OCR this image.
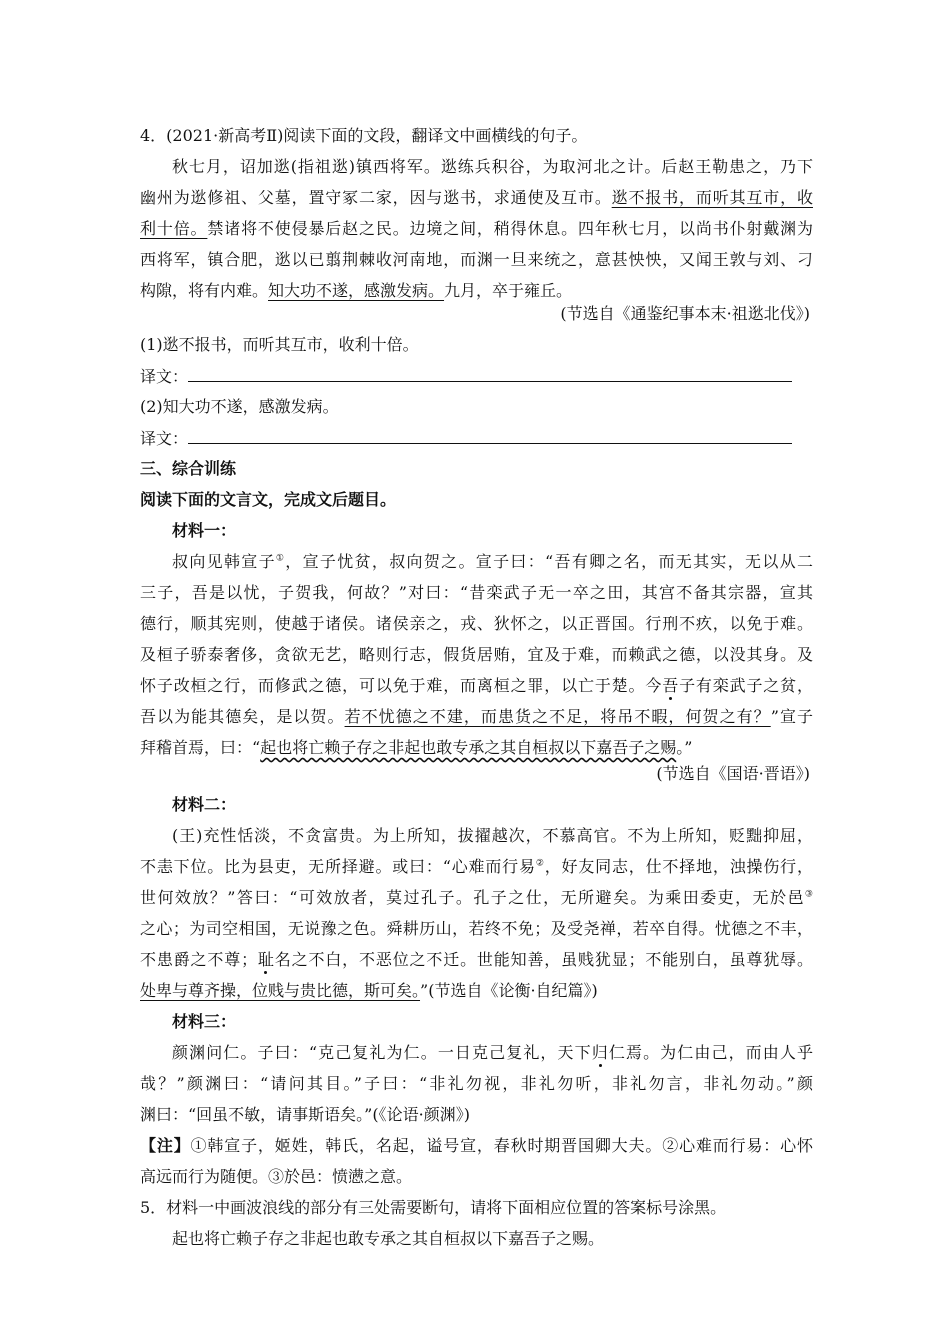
4．(2021·新高考Ⅱ)阅读下面的文段，翻译文中画横线的句子。
秋七月，诏加逖(指祖逖)镇西将军。逖练兵积谷，为取河北之计。后赵王勒患之，乃下
幽州为逖修祖、父墓，置守冢二家，因与逖书，求通使及互市。逖不报书，而听其互市，收
利十倍。禁诸将不使侵暴后赵之民。边境之间，稍得休息。四年秋七月，以尚书仆射戴渊为
西将军，镇合肥，逖以已翦荆棘收河南地，而渊一旦来统之，意甚怏怏，又闻王敦与刘、刁
构隙，将有内难。知大功不遂，感激发病。九月，卒于雍丘。
(节选自《通鉴纪事本末·祖逖北伐》)
(1)逖不报书，而听其互市，收利十倍。
译文：
(2)知大功不遂，感激发病。
译文：
三、综合训练
阅读下面的文言文，完成文后题目。
材料一：
叔向见韩宣子①，宣子忧贫，叔向贺之。宣子曰：“吾有卿之名，而无其实，无以从二
三子，吾是以忧，子贺我，何故？”对曰：“昔栾武子无一卒之田，其宫不备其宗器，宣其
德行，顺其宪则，使越于诸侯。诸侯亲之，戎、狄怀之，以正晋国。行刑不疚，以免于难。
及桓子骄泰奢侈，贪欲无艺，略则行志，假货居贿，宜及于难，而赖武之德，以没其身。及
怀子改桓之行，而修武之德，可以免于难，而离桓之罪，以亡于楚。今吾子有栾武子之贫，
吾以为能其德矣，是以贺。若不忧德之不建，而患货之不足，将吊不暇，何贺之有？”宣子
拜稽首焉，曰：“起也将亡赖子存之非起也敢专承之其自桓叔以下嘉吾子之赐。”
(节选自《国语·晋语》)
材料二：
(王)充性恬淡，不贪富贵。为上所知，拔擢越次，不慕高官。不为上所知，贬黜抑屈，
不恚下位。比为县吏，无所择避。或曰：“心难而行易②，好友同志，仕不择地，浊操伤行，
世何效放？”答曰：“可效放者，莫过孔子。孔子之仕，无所避矣。为乘田委吏，无於邑③
之心；为司空相国，无说豫之色。舜耕历山，若终不免；及受尧禅，若卒自得。忧德之不丰，
不患爵之不尊；耻名之不白，不恶位之不迁。世能知善，虽贱犹显；不能别白，虽尊犹辱。
处卑与尊齐操，位贱与贵比德，斯可矣。”(节选自《论衡·自纪篇》)
材料三：
颜渊问仁。子曰：“克己复礼为仁。一日克己复礼，天下归仁焉。为仁由己，而由人乎
哉？”颜渊曰：“请问其目。”子曰：“非礼勿视，非礼勿听，非礼勿言，非礼勿动。”颜
渊曰：“回虽不敏，请事斯语矣。”(《论语·颜渊》)
【注】①韩宣子，姬姓，韩氏，名起，谥号宣，春秋时期晋国卿大夫。②心难而行易：心怀
高远而行为随便。③於邑：愤懑之意。
5．材料一中画波浪线的部分有三处需要断句，请将下面相应位置的答案标号涂黑。
起也将亡赖子存之非起也敢专承之其自桓叔以下嘉吾子之赐。
